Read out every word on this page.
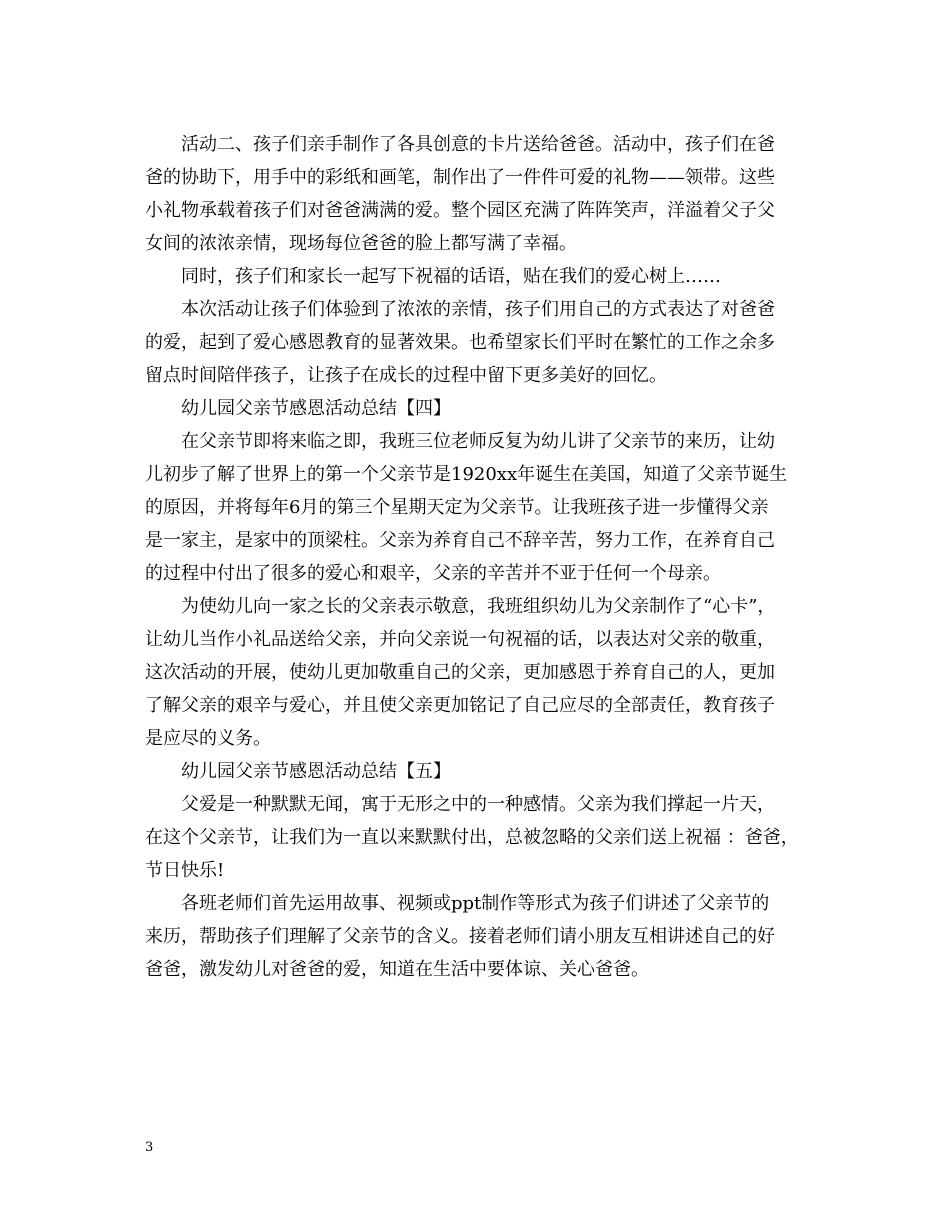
活动二、孩子们亲手制作了各具创意的卡片送给爸爸。活动中，孩子们在爸
爸的协助下，用手中的彩纸和画笔，制作出了一件件可爱的礼物——领带。这些
小礼物承载着孩子们对爸爸满满的爱。整个园区充满了阵阵笑声，洋溢着父子父
女间的浓浓亲情，现场每位爸爸的脸上都写满了幸福。

同时，孩子们和家长一起写下祝福的话语，贴在我们的爱心树上……

本次活动让孩子们体验到了浓浓的亲情，孩子们用自己的方式表达了对爸爸
的爱，起到了爱心感恩教育的显著效果。也希望家长们平时在繁忙的工作之余多
留点时间陪伴孩子，让孩子在成长的过程中留下更多美好的回忆。

幼儿园父亲节感恩活动总结【四】

在父亲节即将来临之即，我班三位老师反复为幼儿讲了父亲节的来历，让幼
儿初步了解了世界上的第一个父亲节是1920xx年诞生在美国，知道了父亲节诞生
的原因，并将每年6月的第三个星期天定为父亲节。让我班孩子进一步懂得父亲
是一家主，是家中的顶梁柱。父亲为养育自己不辞辛苦，努力工作，在养育自己
的过程中付出了很多的爱心和艰辛，父亲的辛苦并不亚于任何一个母亲。

为使幼儿向一家之长的父亲表示敬意，我班组织幼儿为父亲制作了“心卡”，
让幼儿当作小礼品送给父亲，并向父亲说一句祝福的话，以表达对父亲的敬重，
这次活动的开展，使幼儿更加敬重自己的父亲，更加感恩于养育自己的人，更加
了解父亲的艰辛与爱心，并且使父亲更加铭记了自己应尽的全部责任，教育孩子
是应尽的义务。

幼儿园父亲节感恩活动总结【五】

父爱是一种默默无闻，寓于无形之中的一种感情。父亲为我们撑起一片天，
在这个父亲节，让我们为一直以来默默付出，总被忽略的父亲们送上祝福 ：爸爸，
节日快乐!

各班老师们首先运用故事、视频或ppt制作等形式为孩子们讲述了父亲节的
来历，帮助孩子们理解了父亲节的含义。接着老师们请小朋友互相讲述自己的好
爸爸，激发幼儿对爸爸的爱，知道在生活中要体谅、关心爸爸。

3
